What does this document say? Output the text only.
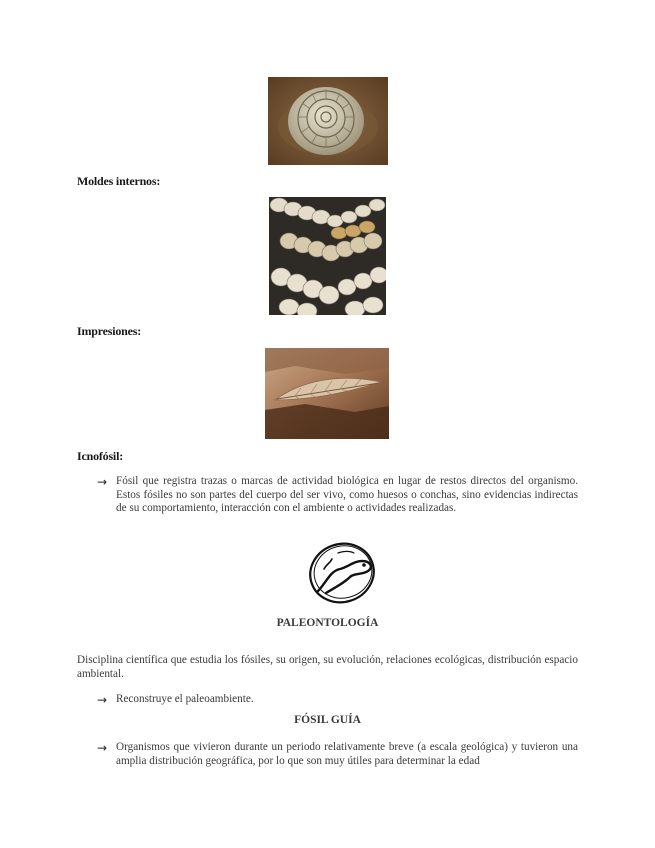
Moldes internos:
Impresiones:
Icnofósil:
→ Fósil que registra trazas o marcas de actividad biológica en lugar de restos directos del organismo. Estos fósiles no son partes del cuerpo del ser vivo, como huesos o conchas, sino evidencias indirectas de su comportamiento, interacción con el ambiente o actividades realizadas.
PALEONTOLOGÍA
Disciplina científica que estudia los fósiles, su origen, su evolución, relaciones ecológicas, distribución espacio ambiental.
→ Reconstruye el paleoambiente.
FÓSIL GUÍA
→ Organismos que vivieron durante un periodo relativamente breve (a escala geológica) y tuvieron una amplia distribución geográfica, por lo que son muy útiles para determinar la edad
